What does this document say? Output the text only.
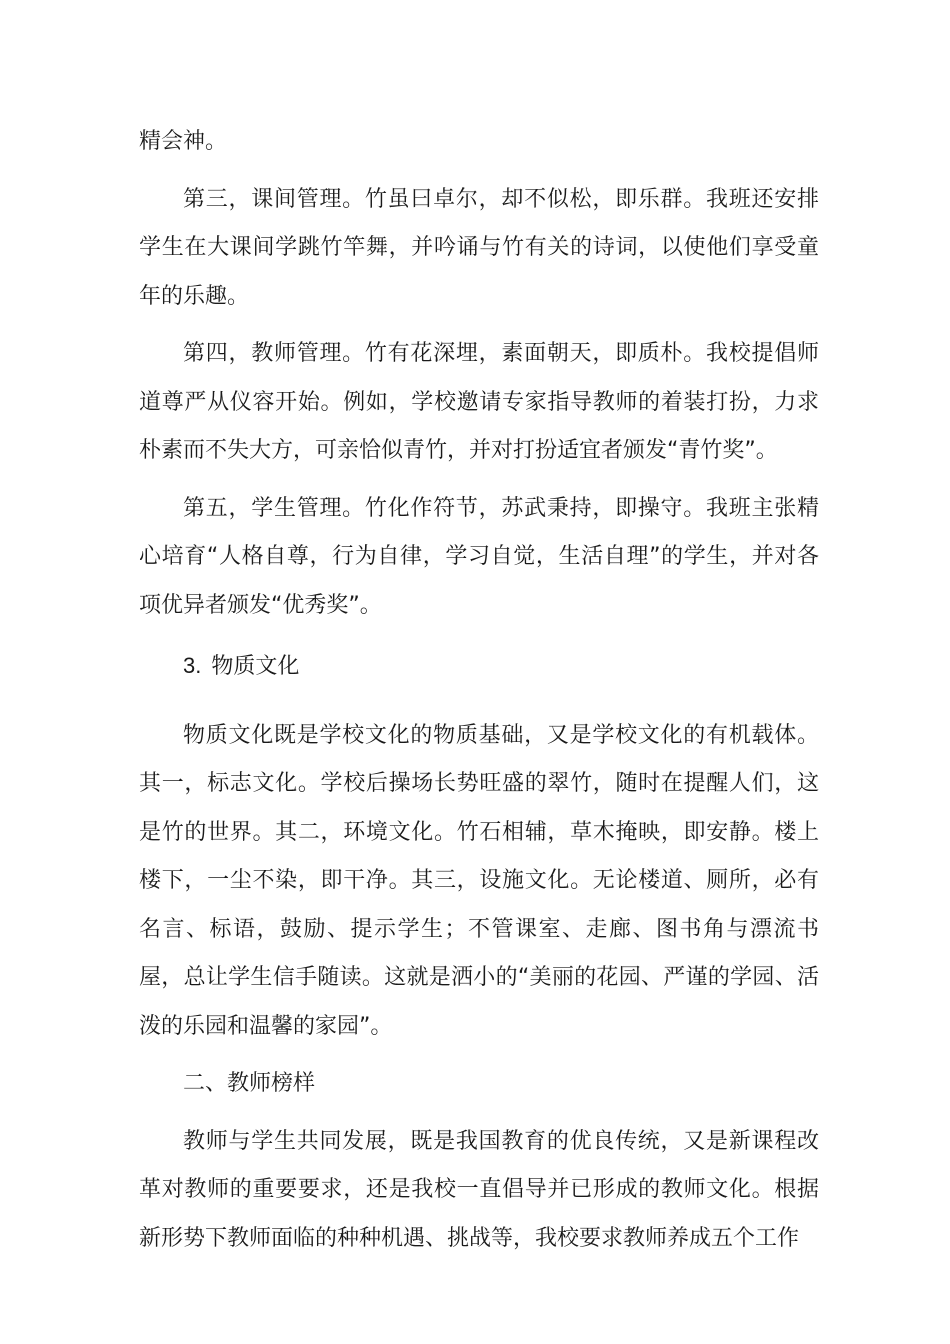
精会神。

第三，课间管理。竹虽曰卓尔，却不似松，即乐群。我班还安排学生在大课间学跳竹竿舞，并吟诵与竹有关的诗词，以使他们享受童年的乐趣。

第四，教师管理。竹有花深埋，素面朝天，即质朴。我校提倡师道尊严从仪容开始。例如，学校邀请专家指导教师的着装打扮，力求朴素而不失大方，可亲恰似青竹，并对打扮适宜者颁发“青竹奖”。

第五，学生管理。竹化作符节，苏武秉持，即操守。我班主张精心培育“人格自尊，行为自律，学习自觉，生活自理”的学生，并对各项优异者颁发“优秀奖”。

3. 物质文化

物质文化既是学校文化的物质基础，又是学校文化的有机载体。其一，标志文化。学校后操场长势旺盛的翠竹，随时在提醒人们，这是竹的世界。其二，环境文化。竹石相辅，草木掩映，即安静。楼上楼下，一尘不染，即干净。其三，设施文化。无论楼道、厕所，必有名言、标语，鼓励、提示学生；不管课室、走廊、图书角与漂流书屋，总让学生信手随读。这就是洒小的“美丽的花园、严谨的学园、活泼的乐园和温馨的家园”。

二、教师榜样

教师与学生共同发展，既是我国教育的优良传统，又是新课程改革对教师的重要要求，还是我校一直倡导并已形成的教师文化。根据新形势下教师面临的种种机遇、挑战等，我校要求教师养成五个工作
